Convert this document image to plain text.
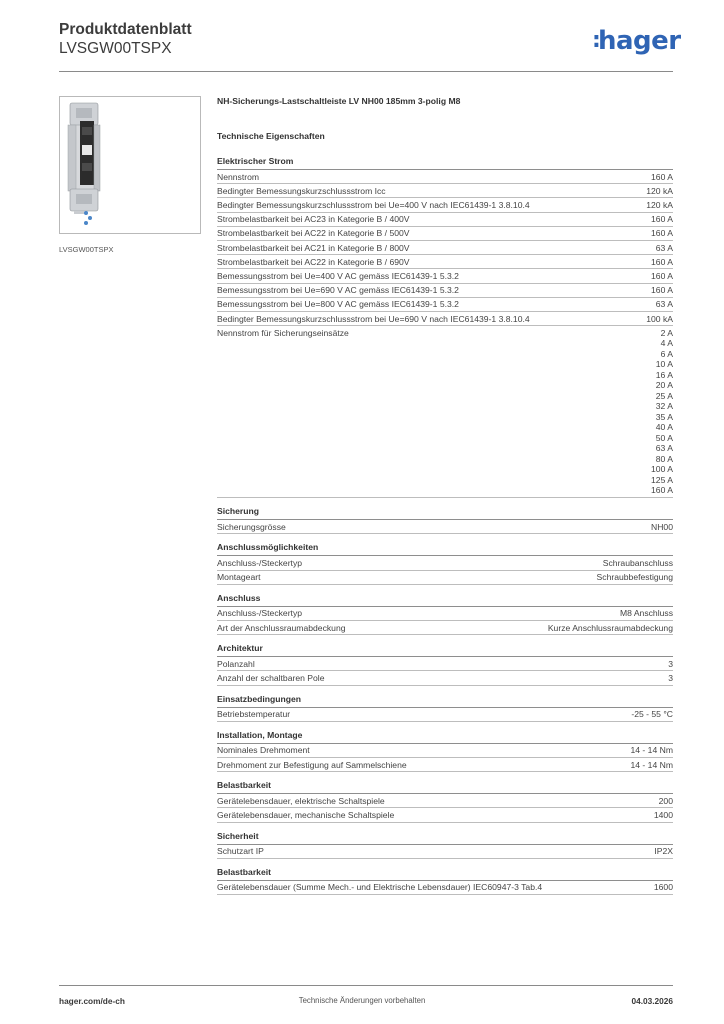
Produktdatenblatt
LVSGW00TSPX	:hager
LVSGW00TSPX
NH-Sicherungs-Lastschaltleiste LV NH00 185mm 3-polig M8
Technische Eigenschaften
Elektrischer Strom
Nennstrom	160 A
Bedingter Bemessungskurzschlussstrom Icc	120 kA
Bedingter Bemessungskurzschlussstrom bei Ue=400 V nach IEC61439-1 3.8.10.4	120 kA
Strombelastbarkeit bei AC23 in Kategorie B / 400V	160 A
Strombelastbarkeit bei AC22 in Kategorie B / 500V	160 A
Strombelastbarkeit bei AC21 in Kategorie B / 800V	63 A
Strombelastbarkeit bei AC22 in Kategorie B / 690V	160 A
Bemessungsstrom bei Ue=400 V AC gemäss IEC61439-1 5.3.2	160 A
Bemessungsstrom bei Ue=690 V AC gemäss IEC61439-1 5.3.2	160 A
Bemessungsstrom bei Ue=800 V AC gemäss IEC61439-1 5.3.2	63 A
Bedingter Bemessungskurzschlussstrom bei Ue=690 V nach IEC61439-1 3.8.10.4	100 kA
Nennstrom für Sicherungseinsätze	2 A
4 A
6 A
10 A
16 A
20 A
25 A
32 A
35 A
40 A
50 A
63 A
80 A
100 A
125 A
160 A
Sicherung
Sicherungsgrösse	NH00
Anschlussmöglichkeiten
Anschluss-/Steckertyp	Schraubanschluss
Montageart	Schraubbefestigung
Anschluss
Anschluss-/Steckertyp	M8 Anschluss
Art der Anschlussraumabdeckung	Kurze Anschlussraumabdeckung
Architektur
Polanzahl	3
Anzahl der schaltbaren Pole	3
Einsatzbedingungen
Betriebstemperatur	-25 - 55 °C
Installation, Montage
Nominales Drehmoment	14 - 14 Nm
Drehmoment zur Befestigung auf Sammelschiene	14 - 14 Nm
Belastbarkeit
Gerätelebensdauer, elektrische Schaltspiele	200
Gerätelebensdauer, mechanische Schaltspiele	1400
Sicherheit
Schutzart IP	IP2X
Belastbarkeit
Gerätelebensdauer (Summe Mech.- und Elektrische Lebensdauer) IEC60947-3 Tab.4	1600
hager.com/de-ch	Technische Änderungen vorbehalten	04.03.2026
